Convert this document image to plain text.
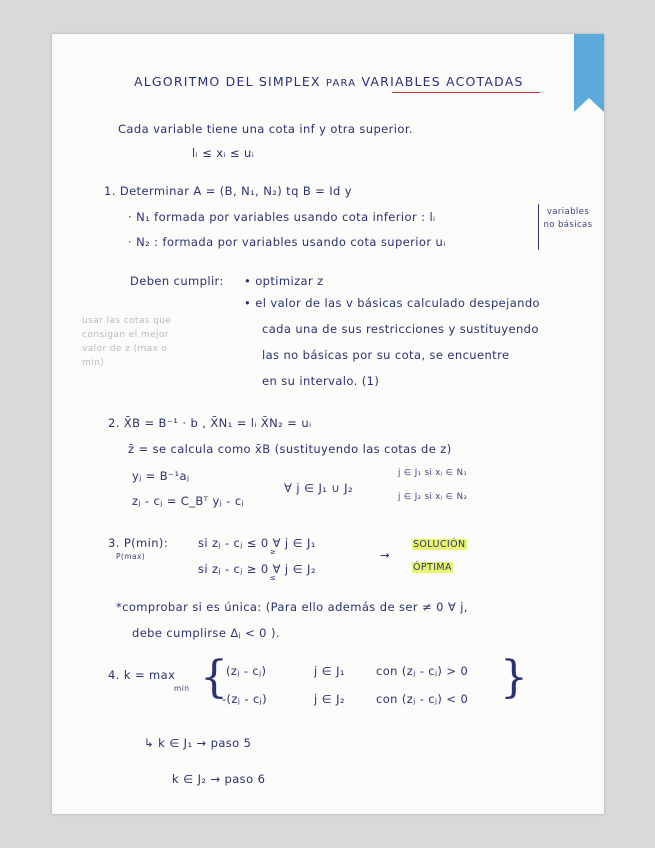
ALGORITMO DEL SIMPLEX PARA VARIABLES ACOTADAS
Cada variable tiene una cota inf y otra superior.
lᵢ ≤ xᵢ ≤ uᵢ
1. Determinar A = (B, N₁, N₂) tq B = Id y
· N₁ formada por variables usando cota inferior : lᵢ
· N₂ : formada por variables usando cota superior uᵢ
variables no básicas
Deben cumplir: • optimizar z
• el valor de las v básicas calculado despejando
cada una de sus restricciones y sustituyendo
las no básicas por su cota, se encuentre
en su intervalo. (1)
usar las cotas que
consigan el mejor
valor de z (max o
min)
2. X̄B = B⁻¹ · b , X̄N₁ = lᵢ X̄N₂ = uᵢ
z̄ = se calcula como x̄B (sustituyendo las cotas de z)
yⱼ = B⁻¹aⱼ
zⱼ - cⱼ = C_Bᵀ yⱼ - cⱼ
∀ j ∈ J₁ ∪ J₂
j ∈ J₁ si xⱼ ∈ N₁
j ∈ J₂ si xⱼ ∈ N₂
3. P(min):
P(max)
si zⱼ - cⱼ ≤ 0 ∀ j ∈ J₁
≥
si zⱼ - cⱼ ≥ 0 ∀ j ∈ J₂
≤
→
SOLUCIÓN
ÓPTIMA
*comprobar si es única: (Para ello además de ser ≠ 0 ∀ j,
debe cumplirse Δⱼ < 0 ).
4. k = max
min {
(zⱼ - cⱼ)	j ∈ J₁	con (zⱼ - cⱼ) > 0
-(zⱼ - cⱼ)	j ∈ J₂	con (zⱼ - cⱼ) < 0 }
↳ k ∈ J₁ → paso 5
k ∈ J₂ → paso 6
